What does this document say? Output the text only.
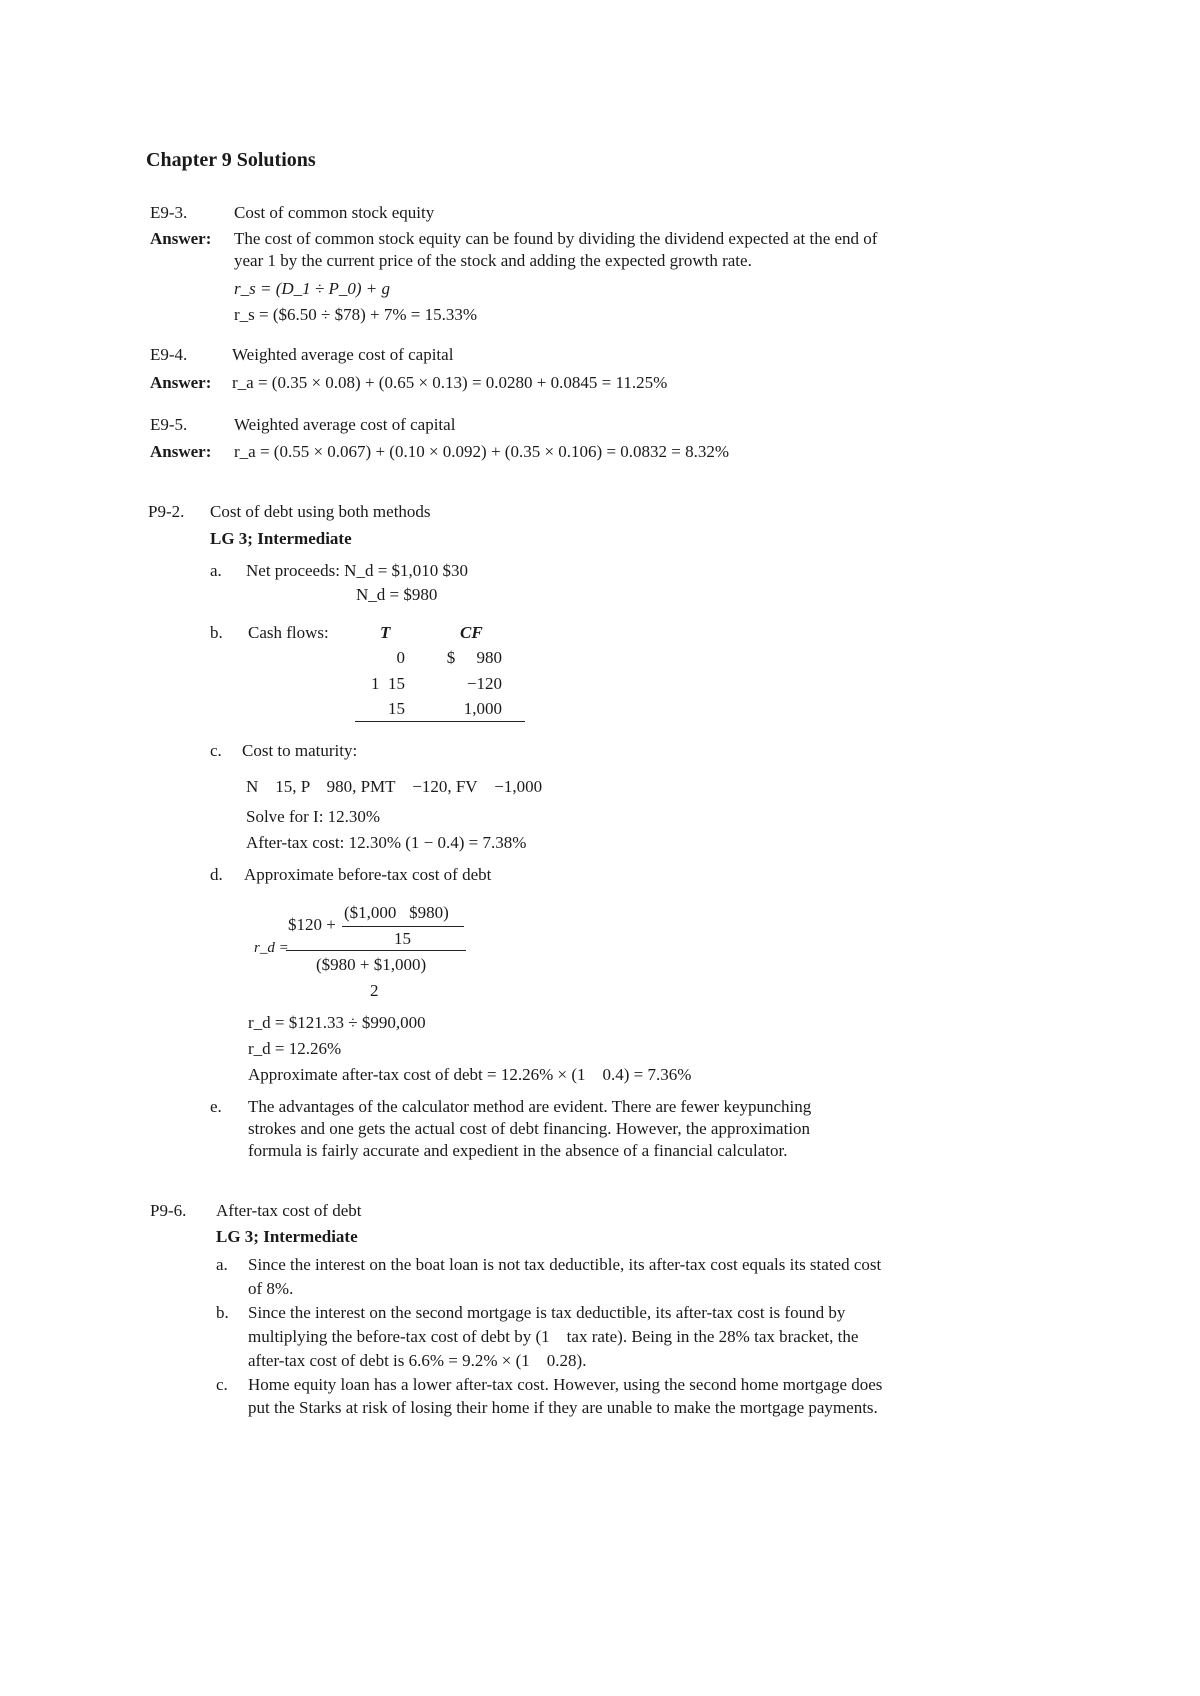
Chapter 9 Solutions
E9-3.	Cost of common stock equity
Answer: The cost of common stock equity can be found by dividing the dividend expected at the end of
year 1 by the current price of the stock and adding the expected growth rate.
r_s = (D_1 ÷ P_0) + g
r_s = ($6.50 ÷ $78) + 7% = 15.33%
E9-4.	Weighted average cost of capital
Answer: r_a = (0.35 × 0.08) + (0.65 × 0.13) = 0.0280 + 0.0845 = 11.25%
E9-5.	Weighted average cost of capital
Answer: r_a = (0.55 × 0.067) + (0.10 × 0.092) + (0.35 × 0.106) = 0.0832 = 8.32%
P9-2. Cost of debt using both methods
LG 3; Intermediate
a. Net proceeds: N_d = $1,010 $30
N_d = $980
b. Cash flows:	T	CF
0	$     980
1  15	−120
15	1,000
c. Cost to maturity:
N    15, P    980, PMT    −120, FV    −1,000
Solve for I: 12.30%
After-tax cost: 12.30% (1 − 0.4) = 7.38%
d. Approximate before-tax cost of debt
$120 +
($1,000   $980)
15
r_d =
($980 + $1,000)
2
r_d = $121.33 ÷ $990,000
r_d = 12.26%
Approximate after-tax cost of debt = 12.26% × (1    0.4) = 7.36%
e. The advantages of the calculator method are evident. There are fewer keypunching
strokes and one gets the actual cost of debt financing. However, the approximation
formula is fairly accurate and expedient in the absence of a financial calculator.
P9-6. After-tax cost of debt
LG 3; Intermediate
a. Since the interest on the boat loan is not tax deductible, its after-tax cost equals its stated cost
of 8%.
b. Since the interest on the second mortgage is tax deductible, its after-tax cost is found by
multiplying the before-tax cost of debt by (1    tax rate). Being in the 28% tax bracket, the
after-tax cost of debt is 6.6% = 9.2% × (1    0.28).
c. Home equity loan has a lower after-tax cost. However, using the second home mortgage does
put the Starks at risk of losing their home if they are unable to make the mortgage payments.
